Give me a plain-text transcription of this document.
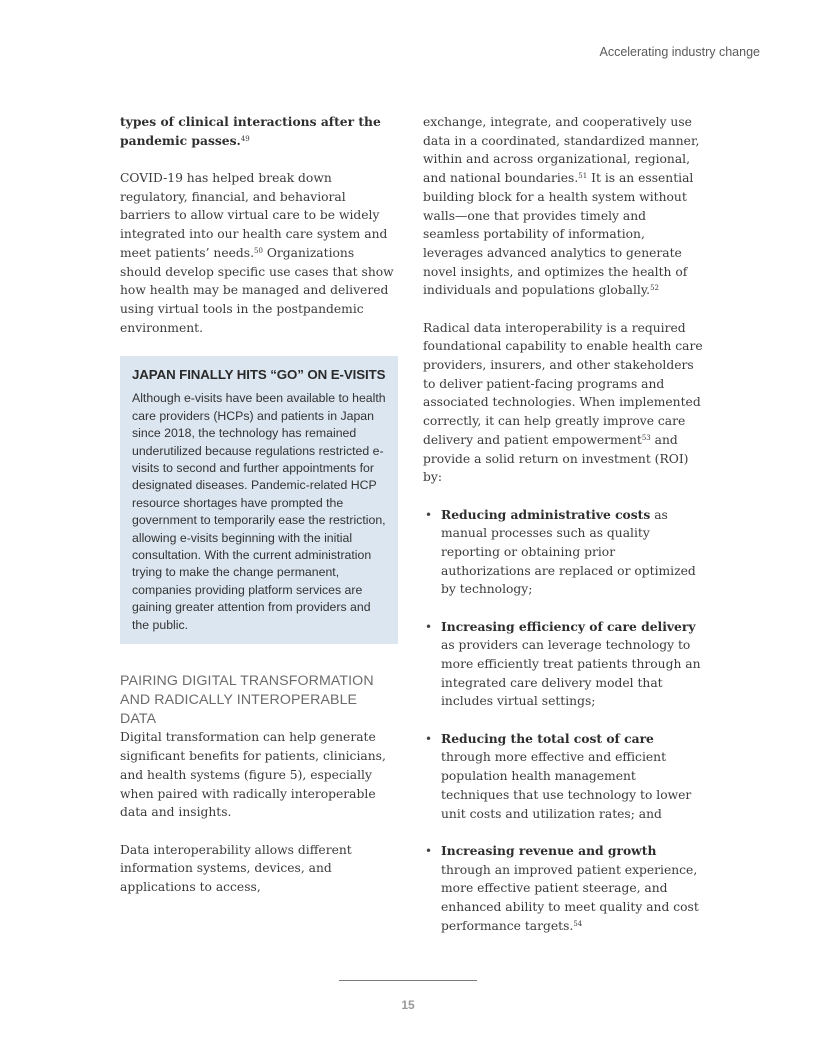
Accelerating industry change

types of clinical interactions after the pandemic passes.$^{49}$

COVID-19 has helped break down regulatory, financial, and behavioral barriers to allow virtual care to be widely integrated into our health care system and meet patients’ needs.$^{50}$ Organizations should develop specific use cases that show how health may be managed and delivered using virtual tools in the postpandemic environment.

JAPAN FINALLY HITS “GO” ON E-VISITS

Although e-visits have been available to health care providers (HCPs) and patients in Japan since 2018, the technology has remained underutilized because regulations restricted e-visits to second and further appointments for designated diseases. Pandemic-related HCP resource shortages have prompted the government to temporarily ease the restriction, allowing e-visits beginning with the initial consultation. With the current administration trying to make the change permanent, companies providing platform services are gaining greater attention from providers and the public.

PAIRING DIGITAL TRANSFORMATION
AND RADICALLY INTEROPERABLE DATA

Digital transformation can help generate significant benefits for patients, clinicians, and health systems (figure 5), especially when paired with radically interoperable data and insights.

Data interoperability allows different information systems, devices, and applications to access,

exchange, integrate, and cooperatively use data in a coordinated, standardized manner, within and across organizational, regional, and national boundaries.$^{51}$ It is an essential building block for a health system without walls—one that provides timely and seamless portability of information, leverages advanced analytics to generate novel insights, and optimizes the health of individuals and populations globally.$^{52}$

Radical data interoperability is a required foundational capability to enable health care providers, insurers, and other stakeholders to deliver patient-facing programs and associated technologies. When implemented correctly, it can help greatly improve care delivery and patient empowerment$^{53}$ and provide a solid return on investment (ROI) by:

• Reducing administrative costs as manual processes such as quality reporting or obtaining prior authorizations are replaced or optimized by technology;
• Increasing efficiency of care delivery as providers can leverage technology to more efficiently treat patients through an integrated care delivery model that includes virtual settings;
• Reducing the total cost of care through more effective and efficient population health management techniques that use technology to lower unit costs and utilization rates; and
• Increasing revenue and growth through an improved patient experience, more effective patient steerage, and enhanced ability to meet quality and cost performance targets.$^{54}$
15
